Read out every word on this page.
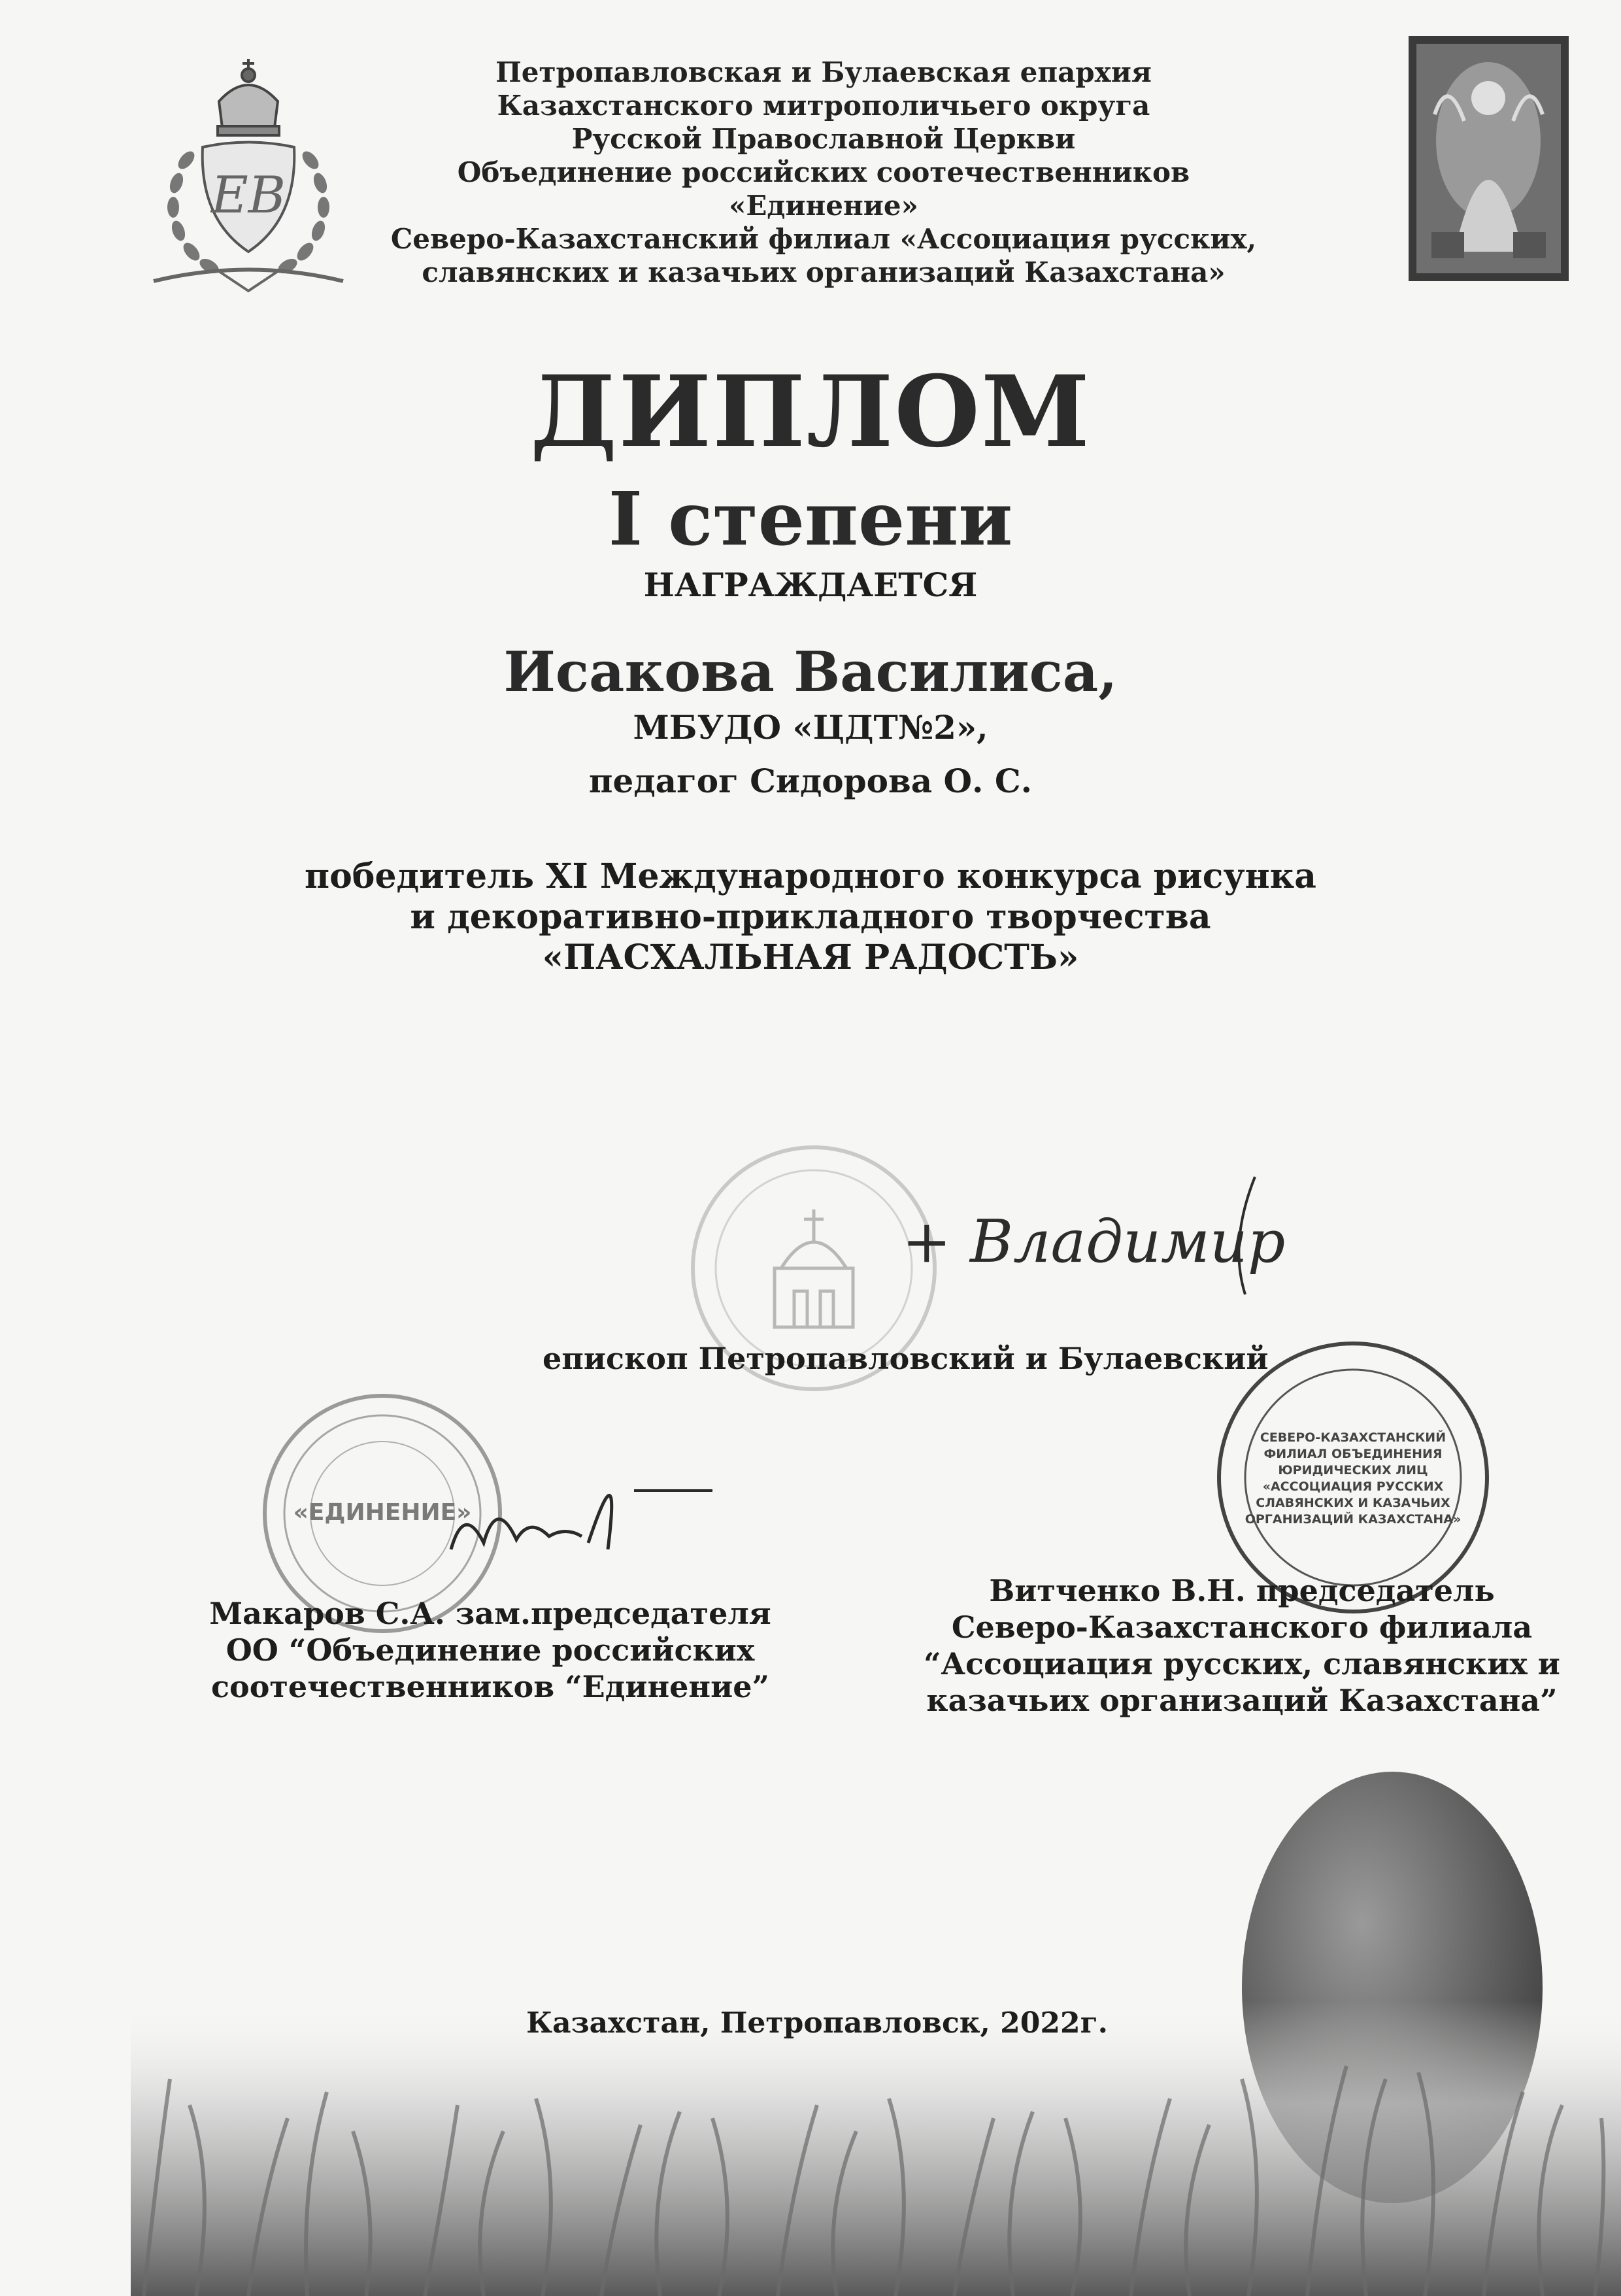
ЕВ
Петропавловская и Булаевская епархия
Казахстанского митрополичьего округа
Русской Православной Церкви
Объединение российских соотечественников «Единение»
Северо-Казахстанский филиал «Ассоциация русских,
славянских и казачьих организаций Казахстана»
ДИПЛОМ
I степени
НАГРАЖДАЕТСЯ
Исакова Василиса,
МБУДО «ЦДТ№2»,
педагог Сидорова О. С.
победитель XI Международного конкурса рисунка
и декоративно-прикладного творчества
«ПАСХАЛЬНАЯ РАДОСТЬ»
+ Владимир
епископ Петропавловский и Булаевский
«ЕДИНЕНИЕ»
Макаров С.А. зам.председателя
ОО “Объединение российских
соотечественников “Единение”
СЕВЕРО-КАЗАХСТАНСКИЙ
ФИЛИАЛ ОБЪЕДИНЕНИЯ
ЮРИДИЧЕСКИХ ЛИЦ
«АССОЦИАЦИЯ РУССКИХ
СЛАВЯНСКИХ И КАЗАЧЬИХ
ОРГАНИЗАЦИЙ КАЗАХСТАНА»
Витченко В.Н. председатель
Северо-Казахстанского филиала
“Ассоциация русских, славянских и
казачьих организаций Казахстана”
Казахстан, Петропавловск, 2022г.
